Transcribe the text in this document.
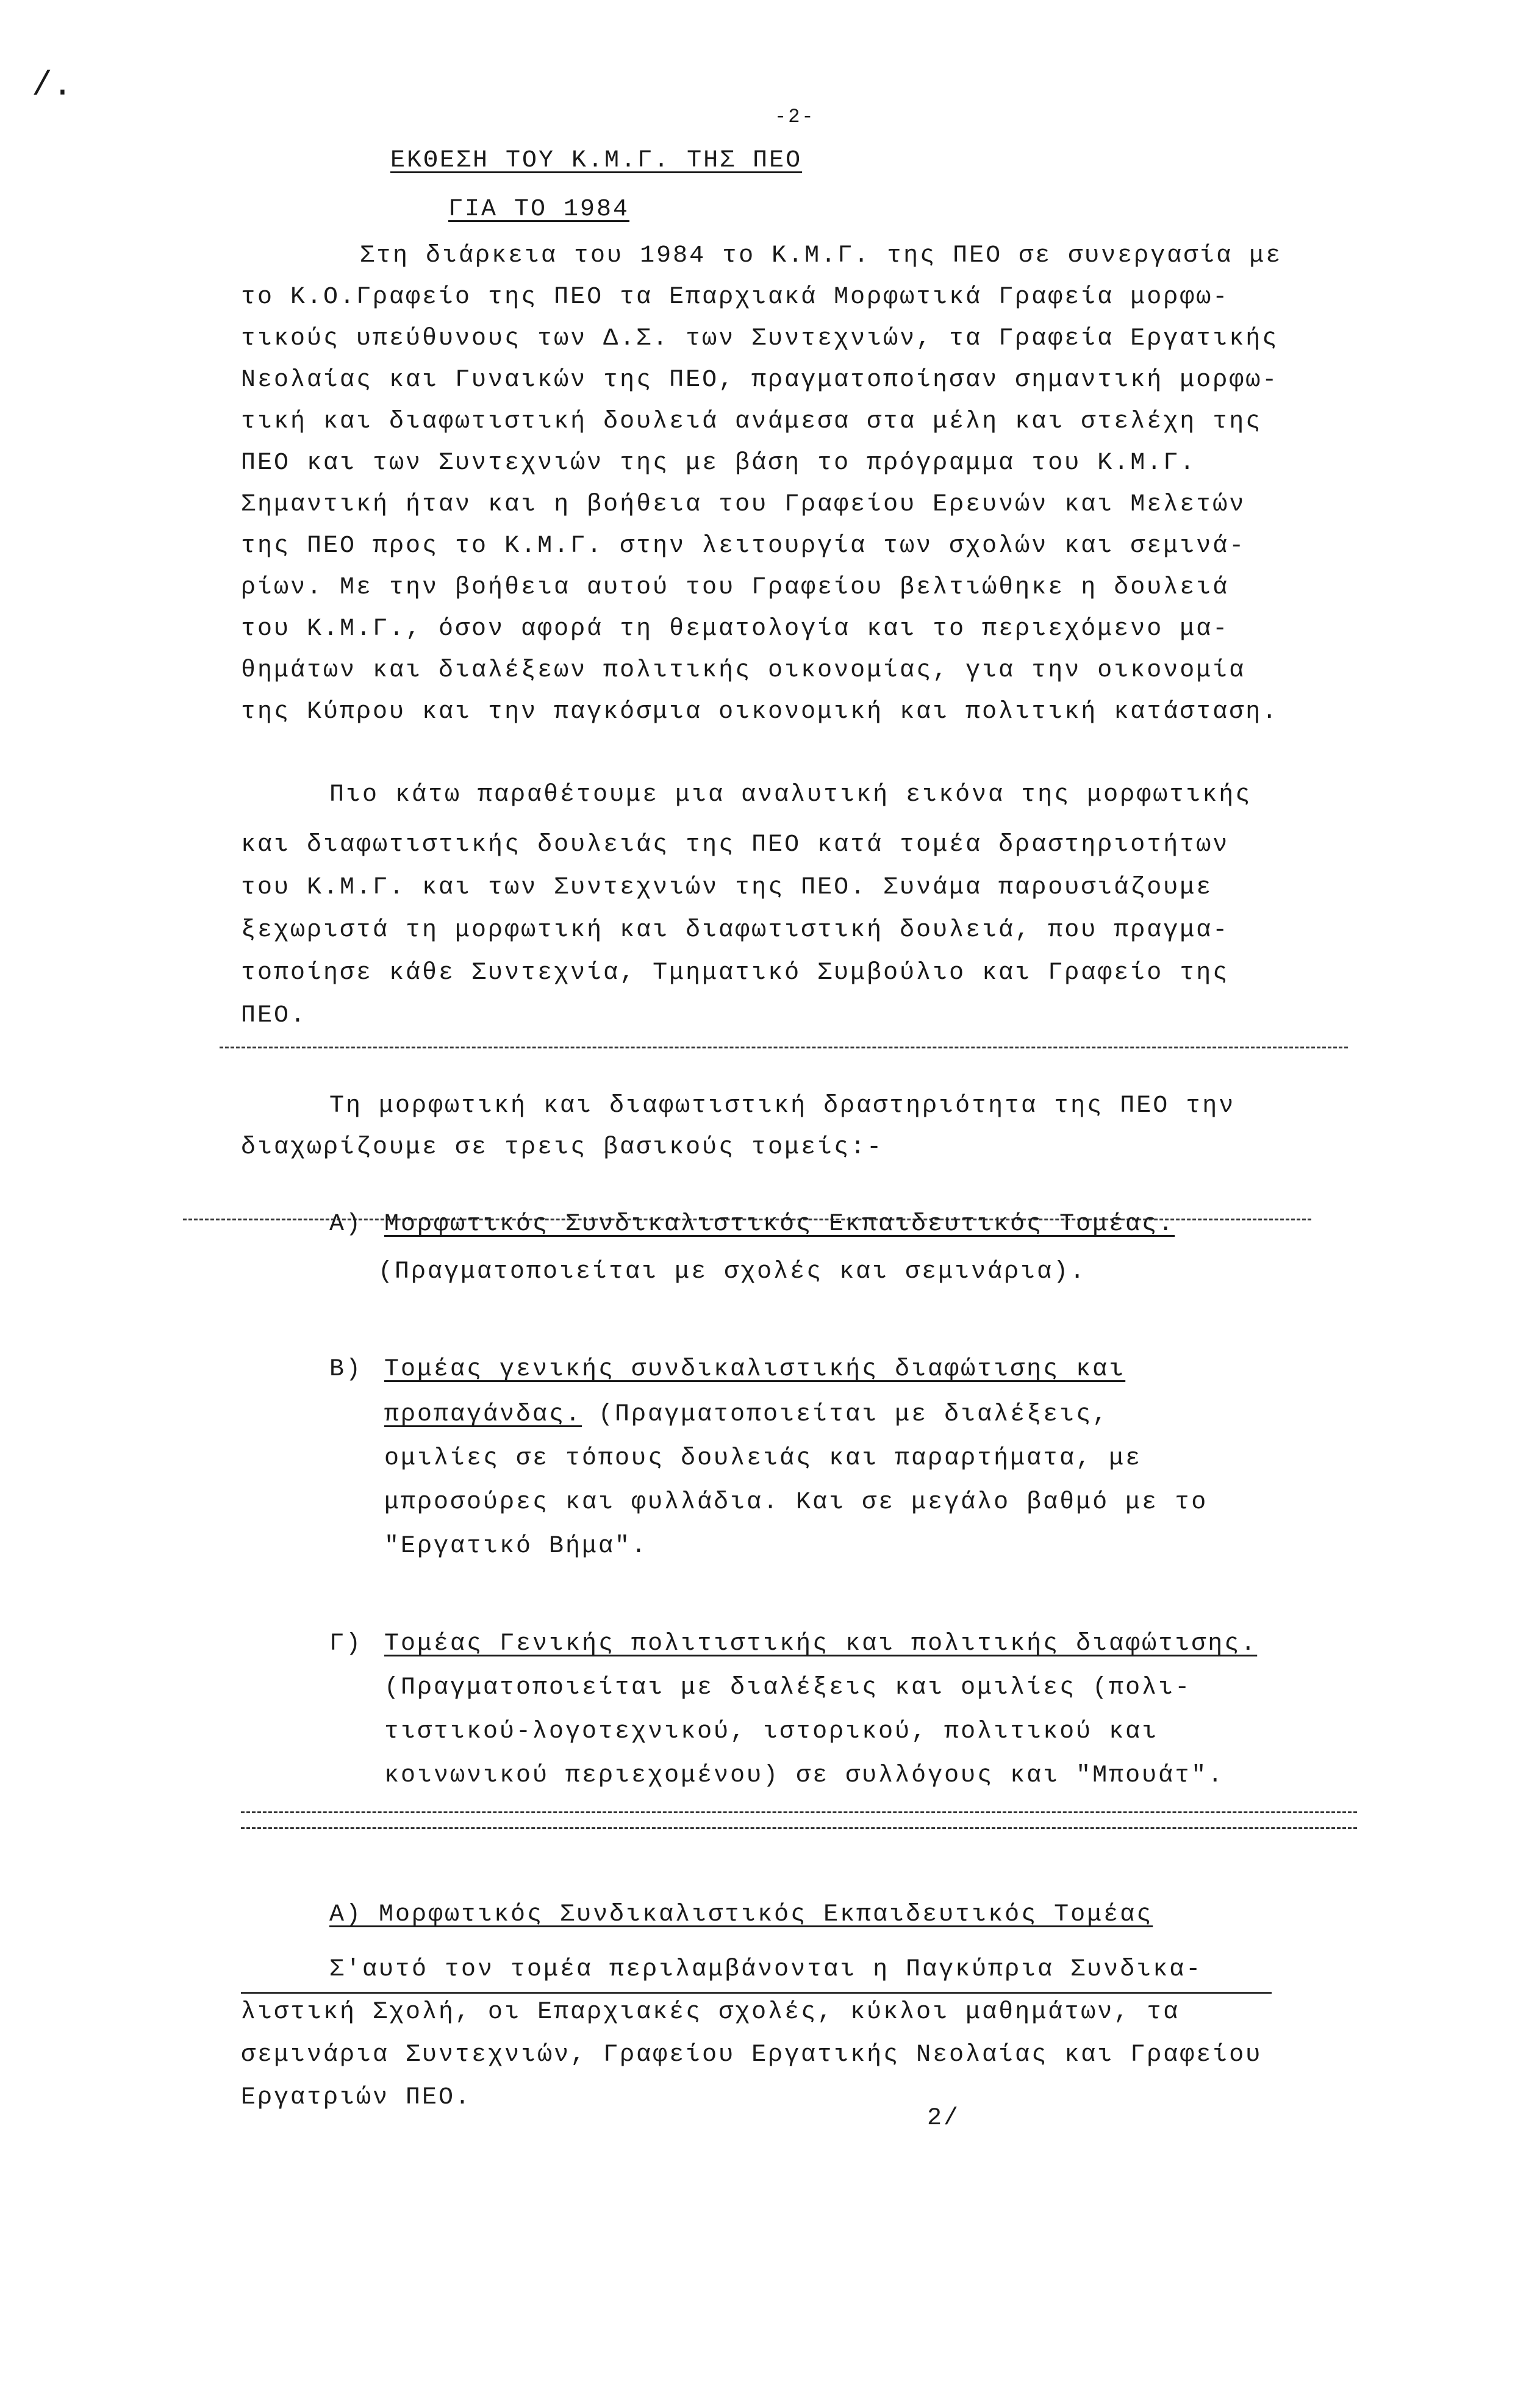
/.
-2-
ΕΚΘΕΣΗ ΤΟΥ Κ.Μ.Γ. ΤΗΣ ΠΕΟ
ΓΙΑ ΤΟ 1984
Στη διάρκεια του 1984 το Κ.Μ.Γ. της ΠΕΟ σε συνεργασία με
το Κ.Ο.Γραφείο της ΠΕΟ τα Επαρχιακά Μορφωτικά Γραφεία μορφω-
τικούς υπεύθυνους των Δ.Σ. των Συντεχνιών, τα Γραφεία Εργατικής
Νεολαίας και Γυναικών της ΠΕΟ, πραγματοποίησαν σημαντική μορφω-
τική και διαφωτιστική δουλειά ανάμεσα στα μέλη και στελέχη της
ΠΕΟ και των Συντεχνιών της με βάση το πρόγραμμα του Κ.Μ.Γ.
Σημαντική ήταν και η βοήθεια του Γραφείου Ερευνών και Μελετών
της ΠΕΟ προς το Κ.Μ.Γ. στην λειτουργία των σχολών και σεμινά-
ρίων. Με την βοήθεια αυτού του Γραφείου βελτιώθηκε η δουλειά
του Κ.Μ.Γ., όσον αφορά τη θεματολογία και το περιεχόμενο μα-
θημάτων και διαλέξεων πολιτικής οικονομίας, για την οικονομία
της Κύπρου και την παγκόσμια οικονομική και πολιτική κατάσταση.
Πιο κάτω παραθέτουμε μια αναλυτική εικόνα της μορφωτικής
και διαφωτιστικής δουλειάς της ΠΕΟ κατά τομέα δραστηριοτήτων
του Κ.Μ.Γ. και των Συντεχνιών της ΠΕΟ. Συνάμα παρουσιάζουμε
ξεχωριστά τη μορφωτική και διαφωτιστική δουλειά, που πραγμα-
τοποίησε κάθε Συντεχνία, Τμηματικό Συμβούλιο και Γραφείο της
ΠΕΟ.
Τη μορφωτική και διαφωτιστική δραστηριότητα της ΠΕΟ την
διαχωρίζουμε σε τρεις βασικούς τομείς:-
Α) Μορφωτικός Συνδικαλιστικός Εκπαιδευτικός Τομέας.
(Πραγματοποιείται με σχολές και σεμινάρια).
Β) Τομέας γενικής συνδικαλιστικής διαφώτισης και
προπαγάνδας. (Πραγματοποιείται με διαλέξεις,
ομιλίες σε τόπους δουλειάς και παραρτήματα, με
μπροσούρες και φυλλάδια. Και σε μεγάλο βαθμό με το
"Εργατικό Βήμα".
Γ) Τομέας Γενικής πολιτιστικής και πολιτικής διαφώτισης.
(Πραγματοποιείται με διαλέξεις και ομιλίες (πολι-
τιστικού-λογοτεχνικού, ιστορικού, πολιτικού και
κοινωνικού περιεχομένου) σε συλλόγους και "Μπουάτ".
Α) Μορφωτικός Συνδικαλιστικός Εκπαιδευτικός Τομέας
Σ'αυτό τον τομέα περιλαμβάνονται η Παγκύπρια Συνδικα-
λιστική Σχολή, οι Επαρχιακές σχολές, κύκλοι μαθημάτων, τα
σεμινάρια Συντεχνιών, Γραφείου Εργατικής Νεολαίας και Γραφείου
Εργατριών ΠΕΟ.
2/
